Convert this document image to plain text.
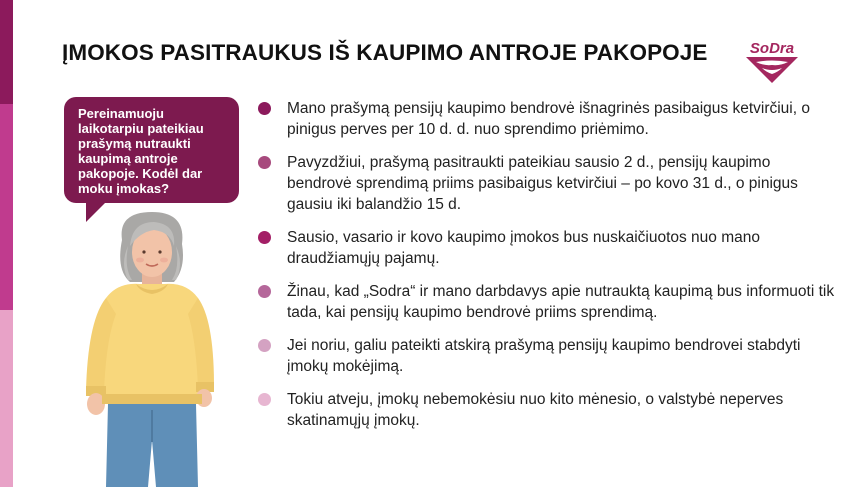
ĮMOKOS PASITRAUKUS IŠ KAUPIMO ANTROJE PAKOPOJE	SoDra
Pereinamuoju laikotarpiu pateikiau prašymą nutraukti kaupimą antroje pakopoje. Kodėl dar moku įmokas?
Mano prašymą pensijų kaupimo bendrovė išnagrinės pasibaigus ketvirčiui, o pinigus perves per 10 d. d. nuo sprendimo priėmimo.
Pavyzdžiui, prašymą pasitraukti pateikiau sausio 2 d., pensijų kaupimo bendrovė sprendimą priims pasibaigus ketvirčiui – po kovo 31 d., o pinigus gausiu iki balandžio 15 d.
Sausio, vasario ir kovo kaupimo įmokos bus nuskaičiuotos nuo mano draudžiamųjų pajamų.
Žinau, kad „Sodra“ ir mano darbdavys apie nutrauktą kaupimą bus informuoti tik tada, kai pensijų kaupimo bendrovė priims sprendimą.
Jei noriu, galiu pateikti atskirą prašymą pensijų kaupimo bendrovei stabdyti įmokų mokėjimą.
Tokiu atveju, įmokų nebemokėsiu nuo kito mėnesio, o valstybė neperves skatinamųjų įmokų.
